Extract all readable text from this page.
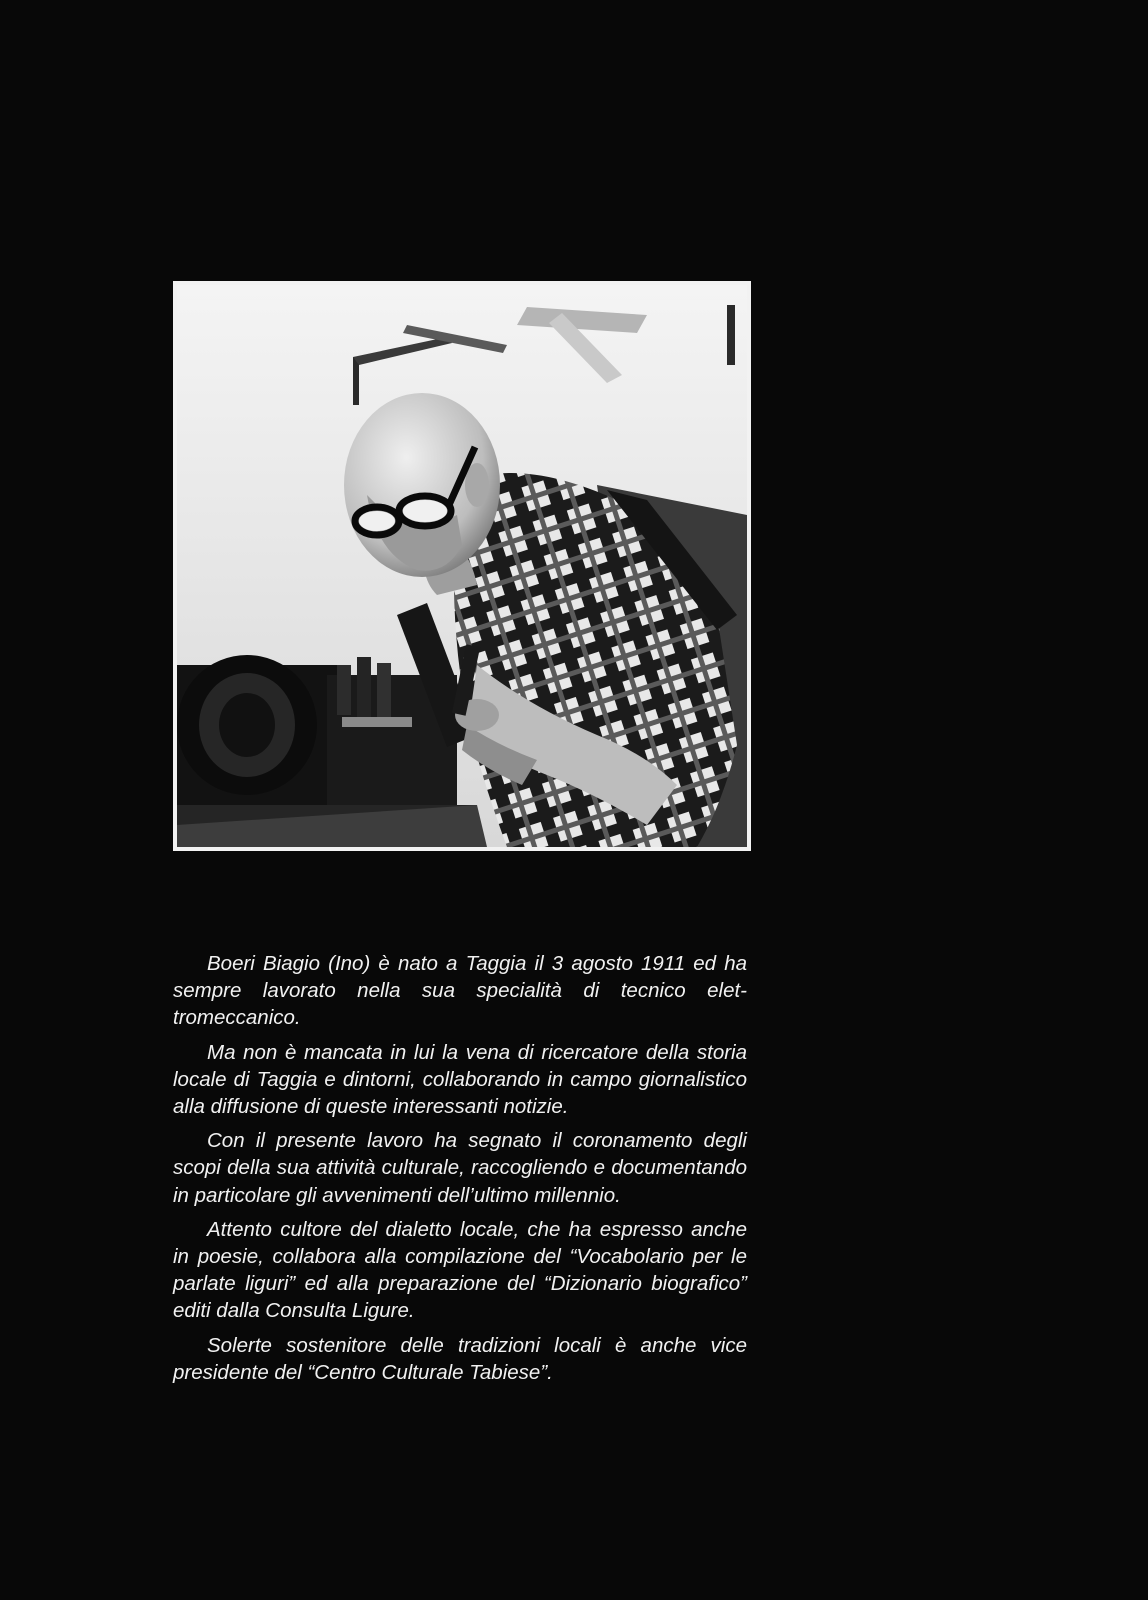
Boeri Biagio (Ino) è nato a Taggia il 3 agosto 1911 ed ha sempre lavorato nella sua specialità di tecnico elettromeccanico.

Ma non è mancata in lui la vena di ricercatore della storia locale di Taggia e dintorni, collaborando in campo giornalistico alla diffusione di queste interessanti notizie.

Con il presente lavoro ha segnato il coronamento degli scopi della sua attività culturale, raccogliendo e documentando in particolare gli avvenimenti dell’ultimo millennio.

Attento cultore del dialetto locale, che ha espresso anche in poesie, collabora alla compilazione del “Vocabolario per le parlate liguri” ed alla preparazione del “Dizionario biografico” editi dalla Consulta Ligure.

Solerte sostenitore delle tradizioni locali è anche vice presidente del “Centro Culturale Tabiese”.
